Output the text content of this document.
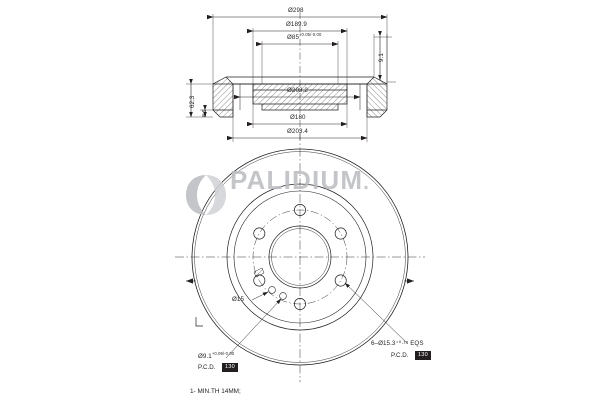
PALIDIUM.
Ø298
Ø189.9
$Ø85^{+0.05/-0.00}$
Ø203.2
Ø180
Ø203.4
9.1
62.3
8.5
Ø15
$Ø9.1^{+0.09/-0.00}$
P.C.D.	130
6–Ø15.3⁺⁰·¹⁵ EQS
P.C.D.	130
1- MIN.TH 14MM;
